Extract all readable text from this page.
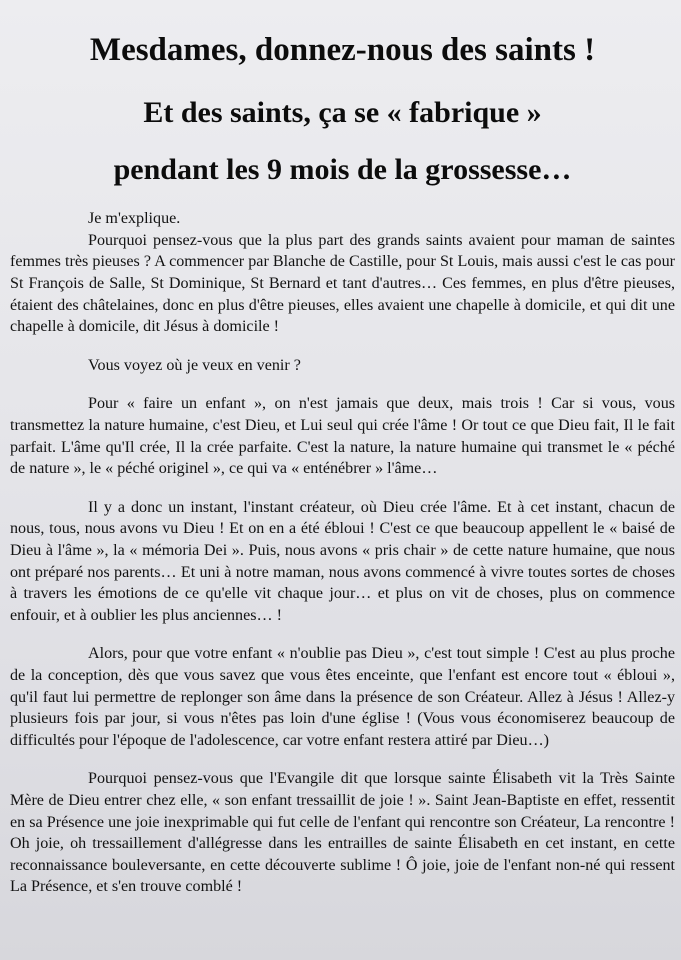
Mesdames, donnez-nous des saints !
Et des saints, ça se « fabrique »
pendant les 9 mois de la grossesse…

Je m'explique.

Pourquoi pensez-vous que la plus part des grands saints avaient pour maman de saintes femmes très pieuses ? A commencer par Blanche de Castille, pour St Louis, mais aussi c'est le cas pour St François de Salle, St Dominique, St Bernard et tant d'autres… Ces femmes, en plus d'être pieuses, étaient des châtelaines, donc en plus d'être pieuses, elles avaient une chapelle à domicile, et qui dit une chapelle à domicile, dit Jésus à domicile !

Vous voyez où je veux en venir ?

Pour « faire un enfant », on n'est jamais que deux, mais trois ! Car si vous, vous transmettez la nature humaine, c'est Dieu, et Lui seul qui crée l'âme ! Or tout ce que Dieu fait, Il le fait parfait. L'âme qu'Il crée, Il la crée parfaite. C'est la nature, la nature humaine qui transmet le « péché de nature », le « péché originel », ce qui va « enténébrer » l'âme…

Il y a donc un instant, l'instant créateur, où Dieu crée l'âme. Et à cet instant, chacun de nous, tous, nous avons vu Dieu ! Et on en a été ébloui ! C'est ce que beaucoup appellent le « baisé de Dieu à l'âme », la « mémoria Dei ». Puis, nous avons « pris chair » de cette nature humaine, que nous ont préparé nos parents… Et uni à notre maman, nous avons commencé à vivre toutes sortes de choses à travers les émotions de ce qu'elle vit chaque jour… et plus on vit de choses, plus on commence enfouir, et à oublier les plus anciennes… !

Alors, pour que votre enfant « n'oublie pas Dieu », c'est tout simple ! C'est au plus proche de la conception, dès que vous savez que vous êtes enceinte, que l'enfant est encore tout « ébloui », qu'il faut lui permettre de replonger son âme dans la présence de son Créateur. Allez à Jésus ! Allez-y plusieurs fois par jour, si vous n'êtes pas loin d'une église ! (Vous vous économiserez beaucoup de difficultés pour l'époque de l'adolescence, car votre enfant restera attiré par Dieu…)

Pourquoi pensez-vous que l'Evangile dit que lorsque sainte Élisabeth vit la Très Sainte Mère de Dieu entrer chez elle, « son enfant tressaillit de joie ! ». Saint Jean-Baptiste en effet, ressentit en sa Présence une joie inexprimable qui fut celle de l'enfant qui rencontre son Créateur, La rencontre ! Oh joie, oh tressaillement d'allégresse dans les entrailles de sainte Élisabeth en cet instant, en cette reconnaissance bouleversante, en cette découverte sublime ! Ô joie, joie de l'enfant non-né qui ressent La Présence, et s'en trouve comblé !
